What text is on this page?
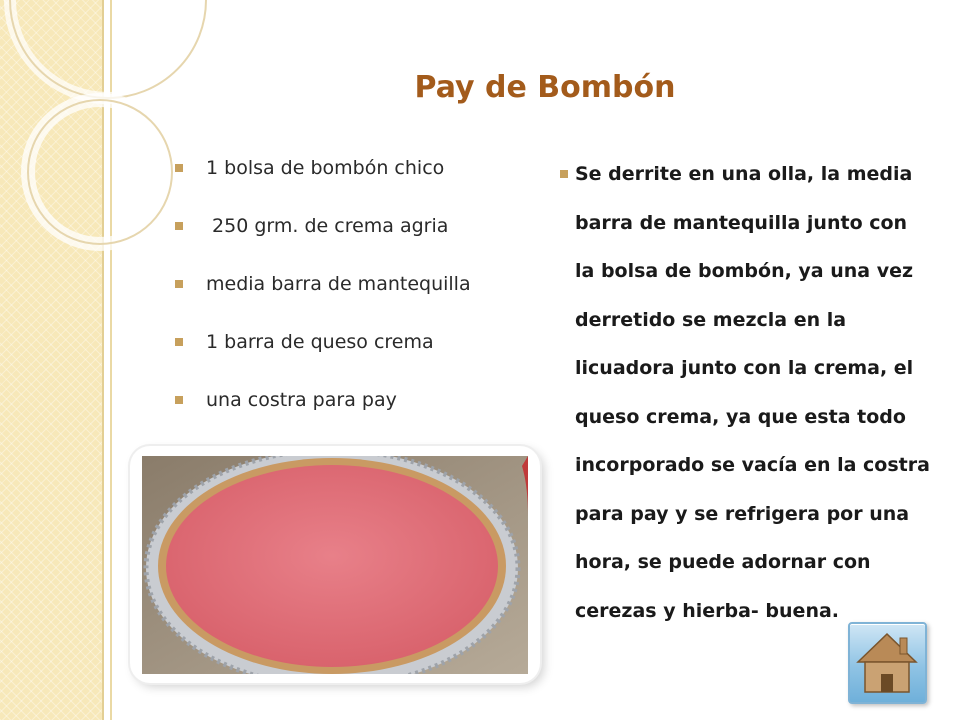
Pay de Bombón
1 bolsa de bombón chico
250 grm. de crema agria
media barra de mantequilla
1 barra de queso crema
una costra para pay

Se derrite en una olla, la media barra de mantequilla junto con la bolsa de bombón, ya una vez derretido se mezcla en la licuadora junto con la crema, el queso crema, ya que esta todo incorporado se vacía en la costra para pay y se refrigera por una hora, se puede adornar con cerezas y hierba- buena.
